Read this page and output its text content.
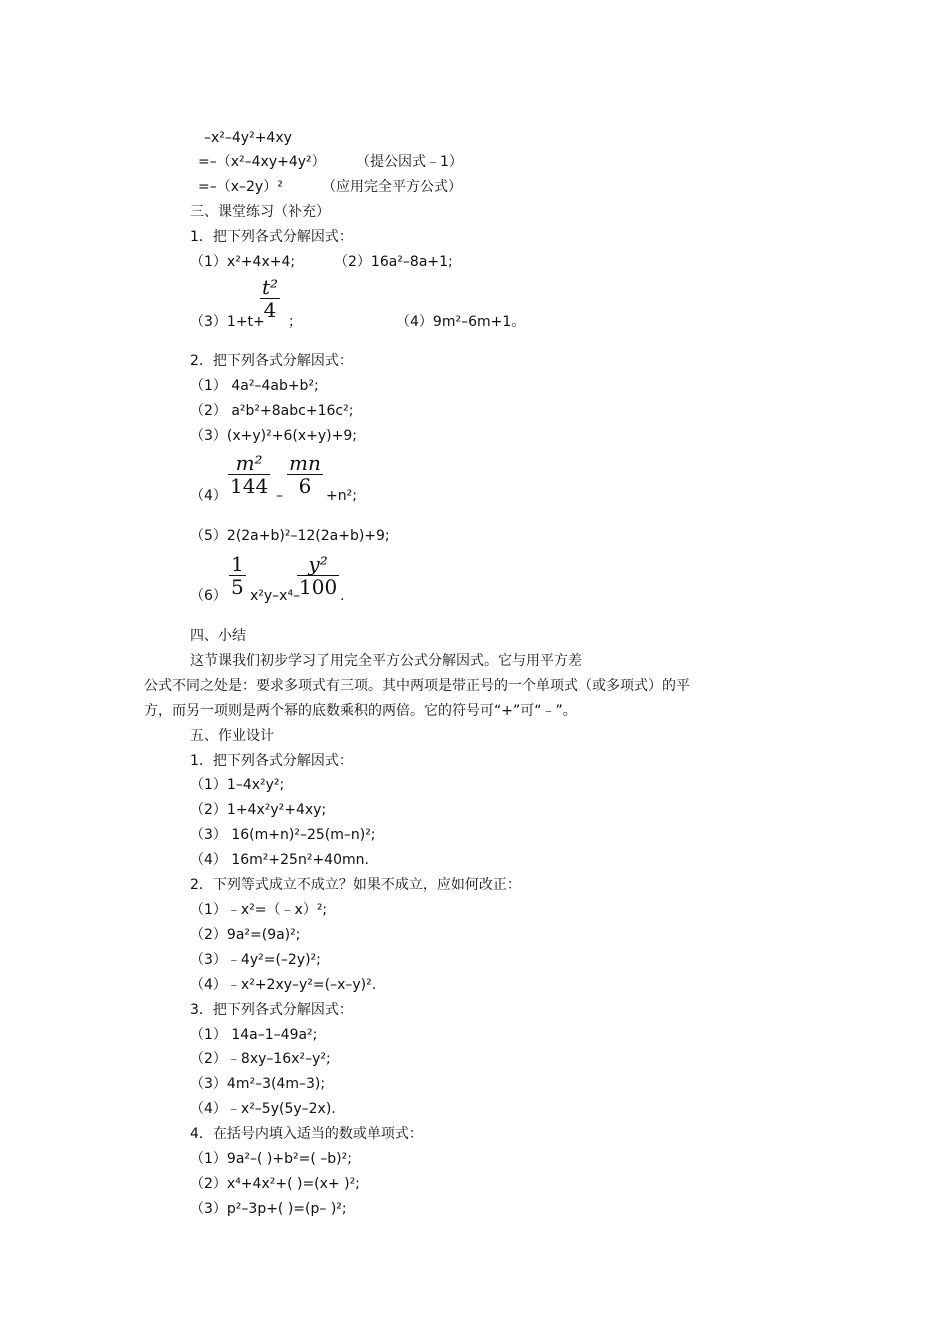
–x²–4y²+4xy
=–（x²–4xy+4y²） （提公因式﹣1）
=–（x–2y）²	（应用完全平方公式）
三、课堂练习（补充）
1．把下列各式分解因式：
（1）x²+4x+4;	（2）16a²–8a+1;
（3）1+t+
t²
4 ；	（4）9m²–6m+1。
2．把下列各式分解因式：
（1） 4a²–4ab+b²;
（2） a²b²+8abc+16c²;
（3）(x+y)²+6(x+y)+9;
（4）
m²
144 –
mn
6 +n²;
（5）2(2a+b)²–12(2a+b)+9;
（6）
1
5 x²y–x⁴–
y²
100 .
四、小结
这节课我们初步学习了用完全平方公式分解因式。它与用平方差
公式不同之处是：要求多项式有三项。其中两项是带正号的一个单项式（或多项式）的平
方，而另一项则是两个幂的底数乘积的两倍。它的符号可“+”可“﹣”。
五、作业设计
1．把下列各式分解因式：
（1）1–4x²y²;
（2）1+4x²y²+4xy;
（3） 16(m+n)²–25(m–n)²;
（4） 16m²+25n²+40mn.
2．下列等式成立不成立？如果不成立，应如何改正：
（1）﹣x²=（﹣x）²;
（2）9a²=(9a)²;
（3）﹣4y²=(–2y)²;
（4）﹣x²+2xy–y²=(–x–y)².
3．把下列各式分解因式：
（1） 14a–1–49a²;
（2）﹣8xy–16x²–y²;
（3）4m²–3(4m–3);
（4）﹣x²–5y(5y–2x).
4．在括号内填入适当的数或单项式：
（1）9a²–( )+b²=( –b)²;
（2）x⁴+4x²+( )=(x+ )²;
（3）p²–3p+( )=(p– )²;
